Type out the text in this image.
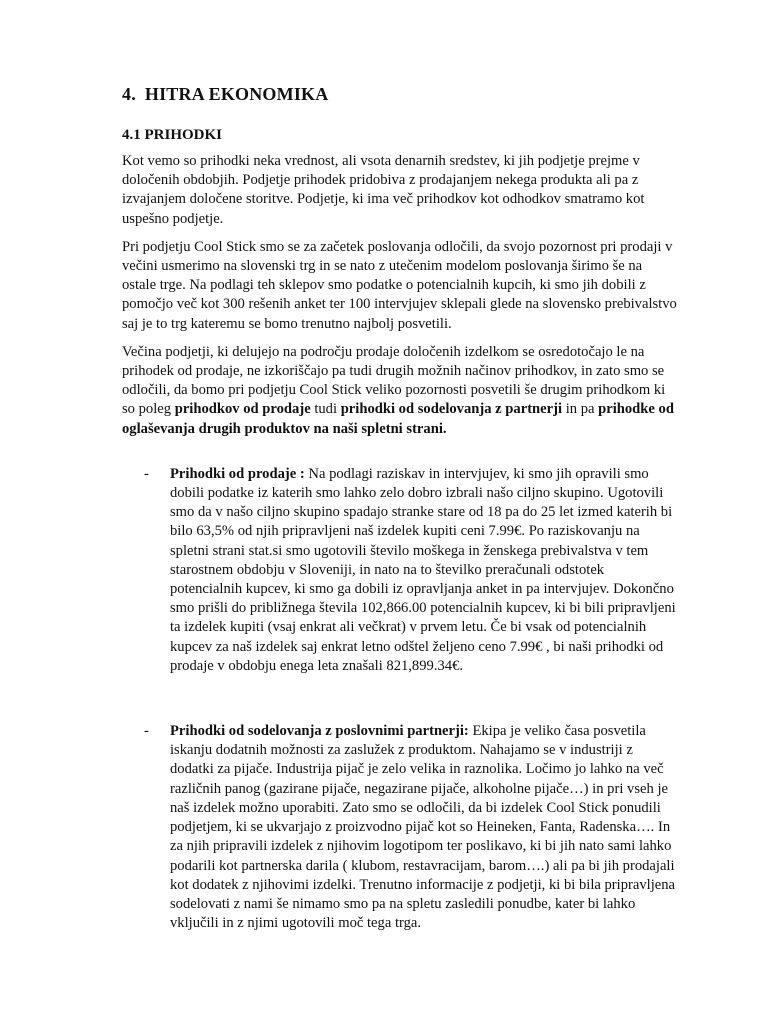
4. HITRA EKONOMIKA
4.1 PRIHODKI

Kot vemo so prihodki neka vrednost, ali vsota denarnih sredstev, ki jih podjetje prejme v določenih obdobjih. Podjetje prihodek pridobiva z prodajanjem nekega produkta ali pa z izvajanjem določene storitve. Podjetje, ki ima več prihodkov kot odhodkov smatramo kot uspešno podjetje.

Pri podjetju Cool Stick smo se za začetek poslovanja odločili, da svojo pozornost pri prodaji v večini usmerimo na slovenski trg in se nato z utečenim modelom poslovanja širimo še na ostale trge. Na podlagi teh sklepov smo podatke o potencialnih kupcih, ki smo jih dobili z pomočjo več kot 300 rešenih anket ter 100 intervjujev sklepali glede na slovensko prebivalstvo saj je to trg kateremu se bomo trenutno najbolj posvetili.

Večina podjetji, ki delujejo na področju prodaje določenih izdelkom se osredotočajo le na prihodek od prodaje, ne izkoriščajo pa tudi drugih možnih načinov prihodkov, in zato smo se odločili, da bomo pri podjetju Cool Stick veliko pozornosti posvetili še drugim prihodkom ki so poleg prihodkov od prodaje tudi prihodki od sodelovanja z partnerji in pa prihodke od oglaševanja drugih produktov na naši spletni strani.

- Prihodki od prodaje : Na podlagi raziskav in intervjujev, ki smo jih opravili smo dobili podatke iz katerih smo lahko zelo dobro izbrali našo ciljno skupino. Ugotovili smo da v našo ciljno skupino spadajo stranke stare od 18 pa do 25 let izmed katerih bi bilo 63,5% od njih pripravljeni naš izdelek kupiti ceni 7.99€. Po raziskovanju na spletni strani stat.si smo ugotovili število moškega in ženskega prebivalstva v tem starostnem obdobju v Sloveniji, in nato na to številko preračunali odstotek potencialnih kupcev, ki smo ga dobili iz opravljanja anket in pa intervjujev. Dokončno smo prišli do približnega števila 102,866.00 potencialnih kupcev, ki bi bili pripravljeni ta izdelek kupiti (vsaj enkrat ali večkrat) v prvem letu. Če bi vsak od potencialnih kupcev za naš izdelek saj enkrat letno odštel željeno ceno 7.99€ , bi naši prihodki od prodaje v obdobju enega leta znašali 821,899.34€.
- Prihodki od sodelovanja z poslovnimi partnerji: Ekipa je veliko časa posvetila iskanju dodatnih možnosti za zaslužek z produktom. Nahajamo se v industriji z dodatki za pijače. Industrija pijač je zelo velika in raznolika. Ločimo jo lahko na več različnih panog (gazirane pijače, negazirane pijače, alkoholne pijače…) in pri vseh je naš izdelek možno uporabiti. Zato smo se odločili, da bi izdelek Cool Stick ponudili podjetjem, ki se ukvarjajo z proizvodno pijač kot so Heineken, Fanta, Radenska…. In za njih pripravili izdelek z njihovim logotipom ter poslikavo, ki bi jih nato sami lahko podarili kot partnerska darila ( klubom, restavracijam, barom….) ali pa bi jih prodajali kot dodatek z njihovimi izdelki. Trenutno informacije z podjetji, ki bi bila pripravljena sodelovati z nami še nimamo smo pa na spletu zasledili ponudbe, kater bi lahko vključili in z njimi ugotovili moč tega trga.
